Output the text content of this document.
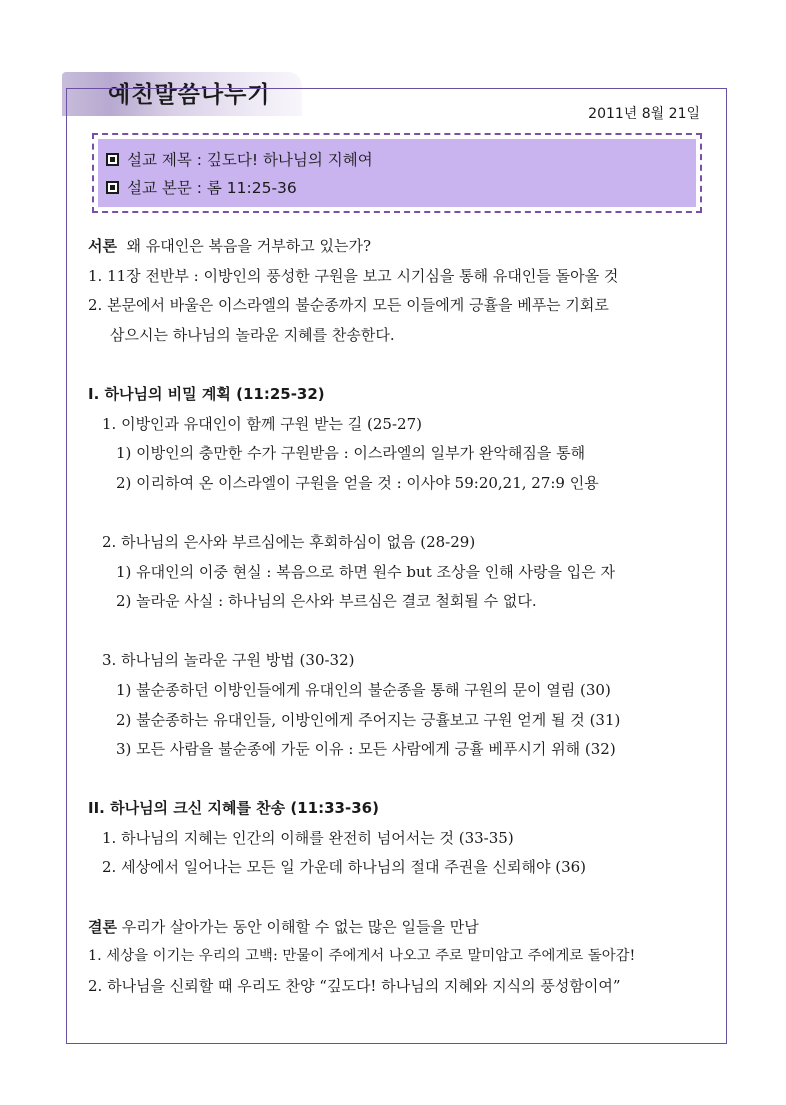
예친말씀나누기
2011년 8월 21일
설교 제목 : 깊도다! 하나님의 지혜여
설교 본문 : 롬 11:25-36
서론 왜 유대인은 복음을 거부하고 있는가?
1. 11장 전반부 : 이방인의 풍성한 구원을 보고 시기심을 통해 유대인들 돌아올 것
2. 본문에서 바울은 이스라엘의 불순종까지 모든 이들에게 긍휼을 베푸는 기회로
삼으시는 하나님의 놀라운 지혜를 찬송한다.
I. 하나님의 비밀 계획 (11:25-32)
1. 이방인과 유대인이 함께 구원 받는 길 (25-27)
1) 이방인의 충만한 수가 구원받음 : 이스라엘의 일부가 완악해짐을 통해
2) 이리하여 온 이스라엘이 구원을 얻을 것 : 이사야 59:20,21, 27:9 인용
2. 하나님의 은사와 부르심에는 후회하심이 없음 (28-29)
1) 유대인의 이중 현실 : 복음으로 하면 원수 but 조상을 인해 사랑을 입은 자
2) 놀라운 사실 : 하나님의 은사와 부르심은 결코 철회될 수 없다.
3. 하나님의 놀라운 구원 방법 (30-32)
1) 불순종하던 이방인들에게 유대인의 불순종을 통해 구원의 문이 열림 (30)
2) 불순종하는 유대인들, 이방인에게 주어지는 긍휼보고 구원 얻게 될 것 (31)
3) 모든 사람을 불순종에 가둔 이유 : 모든 사람에게 긍휼 베푸시기 위해 (32)
II. 하나님의 크신 지혜를 찬송 (11:33-36)
1. 하나님의 지혜는 인간의 이해를 완전히 넘어서는 것 (33-35)
2. 세상에서 일어나는 모든 일 가운데 하나님의 절대 주권을 신뢰해야 (36)
결론 우리가 살아가는 동안 이해할 수 없는 많은 일들을 만남
1. 세상을 이기는 우리의 고백: 만물이 주에게서 나오고 주로 말미암고 주에게로 돌아감!
2. 하나님을 신뢰할 때 우리도 찬양 “깊도다! 하나님의 지혜와 지식의 풍성함이여”
